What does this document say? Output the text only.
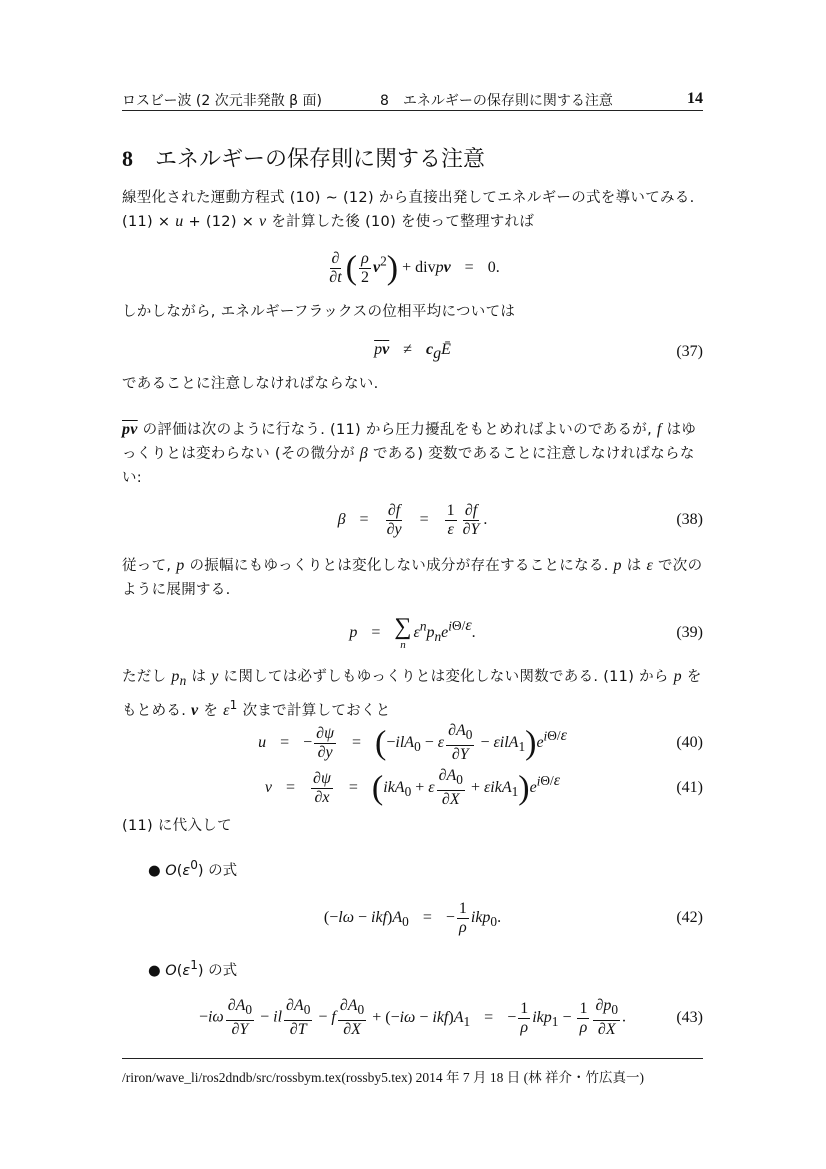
ロスビー波 (2 次元非発散 β 面)	8　エネルギーの保存則に関する注意	14
8 エネルギーの保存則に関する注意
線型化された運動方程式 (10) ∼ (12) から直接出発してエネルギーの式を導いてみる. (11) × u + (12) × v を計算した後 (10) を使って整理すれば
$\frac{\partial}{\partial t}$ ( $\frac{\rho}{2} v^2$) + divpv = 0.
しかしながら, エネルギーフラックスの位相平均については
pv ≠ $c_gĒ$	(37)
であることに注意しなければならない.
$\overline{pv}$ の評価は次のように行なう. (11) から圧力擾乱をもとめればよいのであるが, f はゆっくりとは変わらない (その微分が β である) 変数であることに注意しなければならない:
$\beta = \frac{\partial f}{\partial y} = \frac{1}{\varepsilon} \frac{\partial f}{\partial Y}$ .	(38)
従って, p の振幅にもゆっくりとは変化しない成分が存在することになる. p は ε で次のように展開する.
p = ∑
n
$\varepsilon^np_ne^{i\Theta/\varepsilon}$.	(39)
ただし $p_n$ は y に関しては必ずしもゆっくりとは変化しない関数である. (11) から p をもとめる. v を $\varepsilon^1$ 次まで計算しておくと
u = − $\frac{\partial\psi}{\partial y} = (-ilA_0 - \varepsilon \frac{\partial A_0}{\partial Y} - \varepsilon ilA_1)e^{i\Theta/\varepsilon}$	(40)
$v = \frac{\partial\psi}{\partial x} = (ikA_0 + \varepsilon \frac{\partial A_0}{\partial X} + \varepsilon ikA_1)e^{i\Theta/\varepsilon}$	(41)
(11) に代入して
● $O(\varepsilon^0)$ の式
$(-l\omega - ikf)A_0$ = − $\frac{1}{\rho} ikp_0$.	(42)
● $O(\varepsilon^1)$ の式
$-i\omega \frac{\partial A_0}{\partial Y}$ − il $\frac{\partial A_0}{\partial T} - f \frac{\partial A_0}{\partial X} + (-i\omega - ikf)A_1$ = − $\frac{1}{\rho} ikp_1 - \frac{1}{\rho} \frac{\partial p_0}{\partial X}$ .	(43)
/riron/wave_li/ros2dndb/src/rossbym.tex(rossby5.tex) 2014 年 7 月 18 日 (林 祥介・竹広真一)
